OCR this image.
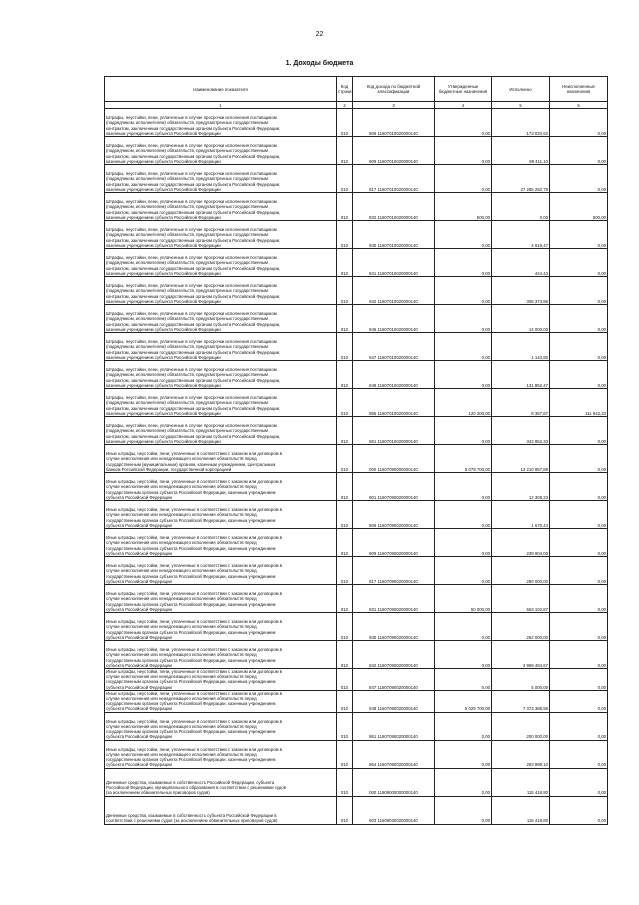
22
1. Доходы бюджета
Наименование показателя	Код строки	Код дохода по бюджетной классификации	Утвержденные бюджетные назначения	Исполнено	Неисполненные назначения
1	2	3	4	5	6
Штрафы, неустойки, пени, уплаченные в случае просрочки исполнения поставщиком
(подрядчиком, исполнителем) обязательств, предусмотренных государственным
контрактом, заключенным государственным органом субъекта Российской Федерации,
казенным учреждением субъекта Российской Федерации	010	806 11607010020000140	0,00	173 020,62	0,00
Штрафы, неустойки, пени, уплаченные в случае просрочки исполнения поставщиком
(подрядчиком, исполнителем) обязательств, предусмотренных государственным
контрактом, заключенным государственным органом субъекта Российской Федерации,
казенным учреждением субъекта Российской Федерации	010	809 11607010020000140	0,00	88 411,10	0,00
Штрафы, неустойки, пени, уплаченные в случае просрочки исполнения поставщиком
(подрядчиком, исполнителем) обязательств, предусмотренных государственным
контрактом, заключенным государственным органом субъекта Российской Федерации,
казенным учреждением субъекта Российской Федерации	010	817 11607010020000140	0,00	27 285 282,79	0,00
Штрафы, неустойки, пени, уплаченные в случае просрочки исполнения поставщиком
(подрядчиком, исполнителем) обязательств, предусмотренных государственным
контрактом, заключенным государственным органом субъекта Российской Федерации,
казенным учреждением субъекта Российской Федерации	010	832 11607010020000140	500,00	0,00	500,00
Штрафы, неустойки, пени, уплаченные в случае просрочки исполнения поставщиком
(подрядчиком, исполнителем) обязательств, предусмотренных государственным
контрактом, заключенным государственным органом субъекта Российской Федерации,
казенным учреждением субъекта Российской Федерации	010	840 11607010020000140	0,00	4 619,47	0,00
Штрафы, неустойки, пени, уплаченные в случае просрочки исполнения поставщиком
(подрядчиком, исполнителем) обязательств, предусмотренных государственным
контрактом, заключенным государственным органом субъекта Российской Федерации,
казенным учреждением субъекта Российской Федерации	010	841 11607010020000140	0,00	444,43	0,00
Штрафы, неустойки, пени, уплаченные в случае просрочки исполнения поставщиком
(подрядчиком, исполнителем) обязательств, предусмотренных государственным
контрактом, заключенным государственным органом субъекта Российской Федерации,
казенным учреждением субъекта Российской Федерации	010	842 11607010020000140	0,00	308 373,96	0,00
Штрафы, неустойки, пени, уплаченные в случае просрочки исполнения поставщиком
(подрядчиком, исполнителем) обязательств, предусмотренных государственным
контрактом, заключенным государственным органом субъекта Российской Федерации,
казенным учреждением субъекта Российской Федерации	010	846 11607010020000140	0,00	14 000,00	0,00
Штрафы, неустойки, пени, уплаченные в случае просрочки исполнения поставщиком
(подрядчиком, исполнителем) обязательств, предусмотренных государственным
контрактом, заключенным государственным органом субъекта Российской Федерации,
казенным учреждением субъекта Российской Федерации	010	847 11607010020000140	0,00	1 143,80	0,00
Штрафы, неустойки, пени, уплаченные в случае просрочки исполнения поставщиком
(подрядчиком, исполнителем) обязательств, предусмотренных государственным
контрактом, заключенным государственным органом субъекта Российской Федерации,
казенным учреждением субъекта Российской Федерации	010	848 11607010020000140	0,00	131 852,47	0,00
Штрафы, неустойки, пени, уплаченные в случае просрочки исполнения поставщиком
(подрядчиком, исполнителем) обязательств, предусмотренных государственным
контрактом, заключенным государственным органом субъекта Российской Федерации,
казенным учреждением субъекта Российской Федерации	010	855 11607010020000140	120 300,00	8 357,67	111 942,33
Штрафы, неустойки, пени, уплаченные в случае просрочки исполнения поставщиком
(подрядчиком, исполнителем) обязательств, предусмотренных государственным
контрактом, заключенным государственным органом субъекта Российской Федерации,
казенным учреждением субъекта Российской Федерации	010	861 11607010020000140	0,00	342 852,33	0,00
Иные штрафы, неустойки, пени, уплаченные в соответствии с законом или договором в
случае неисполнения или ненадлежащего исполнения обязательств перед
государственным (муниципальным) органом, казенным учреждением, Центральным
банком Российской Федерации, государственной корпорацией	010	000 11607090000000140	5 079 700,00	13 210 857,89	0,00
Иные штрафы, неустойки, пени, уплаченные в соответствии с законом или договором в
случае неисполнения или ненадлежащего исполнения обязательств перед
государственным органом субъекта Российской Федерации, казенным учреждением
субъекта Российской Федерации	010	801 11607090020000140	0,00	12 308,23	0,00
Иные штрафы, неустойки, пени, уплаченные в соответствии с законом или договором в
случае неисполнения или ненадлежащего исполнения обязательств перед
государственным органом субъекта Российской Федерации, казенным учреждением
субъекта Российской Федерации	010	806 11607090020000140	0,00	1 670,44	0,00
Иные штрафы, неустойки, пени, уплаченные в соответствии с законом или договором в
случае неисполнения или ненадлежащего исполнения обязательств перед
государственным органом субъекта Российской Федерации, казенным учреждением
субъекта Российской Федерации	010	809 11607090020000140	0,00	239 904,00	0,00
Иные штрафы, неустойки, пени, уплаченные в соответствии с законом или договором в
случае неисполнения или ненадлежащего исполнения обязательств перед
государственным органом субъекта Российской Федерации, казенным учреждением
субъекта Российской Федерации	010	817 11607090020000140	0,00	290 000,00	0,00
Иные штрафы, неустойки, пени, уплаченные в соответствии с законом или договором в
случае неисполнения или ненадлежащего исполнения обязательств перед
государственным органом субъекта Российской Федерации, казенным учреждением
субъекта Российской Федерации	010	831 11607090020000140	50 000,00	563 102,87	0,00
Иные штрафы, неустойки, пени, уплаченные в соответствии с законом или договором в
случае неисполнения или ненадлежащего исполнения обязательств перед
государственным органом субъекта Российской Федерации, казенным учреждением
субъекта Российской Федерации	010	840 11607090020000140	0,00	262 000,00	0,00
Иные штрафы, неустойки, пени, уплаченные в соответствии с законом или договором в
случае неисполнения или ненадлежащего исполнения обязательств перед
государственным органом субъекта Российской Федерации, казенным учреждением
субъекта Российской Федерации	010	842 11607090020000140	0,00	3 969 484,67	0,00
Иные штрафы, неустойки, пени, уплаченные в соответствии с законом или договором в
случае неисполнения или ненадлежащего исполнения обязательств перед
государственным органом субъекта Российской Федерации, казенным учреждением
субъекта Российской Федерации	010	847 11607090020000140	0,00	5 000,00	0,00
Иные штрафы, неустойки, пени, уплаченные в соответствии с законом или договором в
случае неисполнения или ненадлежащего исполнения обязательств перед
государственным органом субъекта Российской Федерации, казенным учреждением
субъекта Российской Федерации	010	848 11607090020000140	5 029 700,00	7 373 388,58	0,00
Иные штрафы, неустойки, пени, уплаченные в соответствии с законом или договором в
случае неисполнения или ненадлежащего исполнения обязательств перед
государственным органом субъекта Российской Федерации, казенным учреждением
субъекта Российской Федерации	010	861 11607090020000140	0,00	200 000,00	0,00
Иные штрафы, неустойки, пени, уплаченные в соответствии с законом или договором в
случае неисполнения или ненадлежащего исполнения обязательств перед
государственным органом субъекта Российской Федерации, казенным учреждением
субъекта Российской Федерации	010	864 11607090020000140	0,00	293 999,10	0,00
Денежные средства, изымаемые в собственность Российской Федерации, субъекта
Российской Федерации, муниципального образования в соответствии с решениями судов
(за исключением обвинительных приговоров судов)	010	000 11609000000000140	0,00	115 418,80	0,00
Денежные средства, изымаемые в собственность субъекта Российской Федерации в
соответствии с решениями судов (за исключением обвинительных приговоров судов)	010	803 11609030020000140	0,00	115 418,80	0,00
